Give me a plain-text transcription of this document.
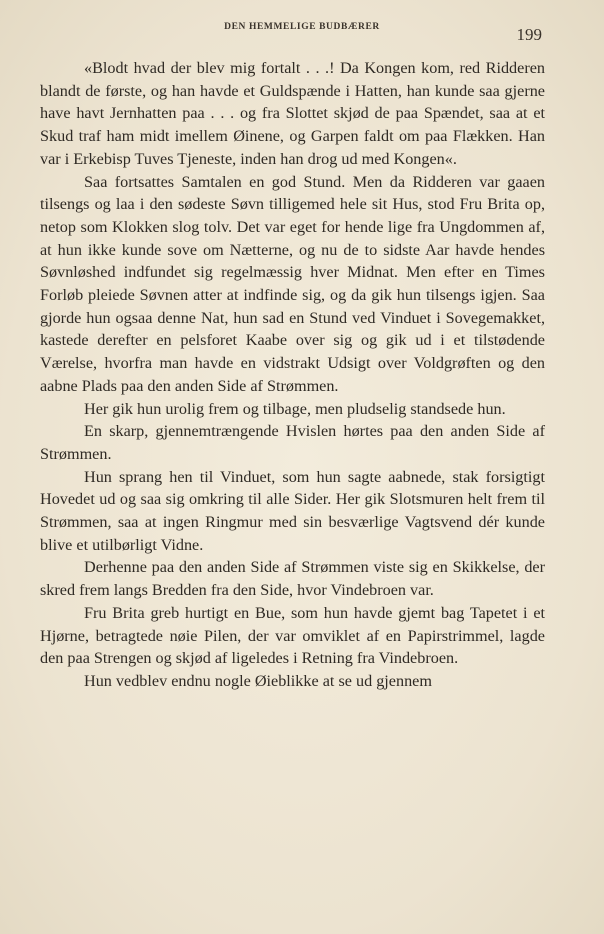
DEN HEMMELIGE BUDBÆRER	199

«Blodt hvad der blev mig fortalt . . .! Da Kongen kom, red Ridderen blandt de første, og han havde et Guldspænde i Hatten, han kunde saa gjerne have havt Jernhatten paa . . . og fra Slottet skjød de paa Spændet, saa at et Skud traf ham midt imellem Øinene, og Garpen faldt om paa Flækken. Han var i Erkebisp Tuves Tjeneste, inden han drog ud med Kongen«.

Saa fortsattes Samtalen en god Stund. Men da Ridderen var gaaen tilsengs og laa i den sødeste Søvn tilligemed hele sit Hus, stod Fru Brita op, netop som Klokken slog tolv. Det var eget for hende lige fra Ungdommen af, at hun ikke kunde sove om Nætterne, og nu de to sidste Aar havde hendes Søvnløshed indfundet sig regelmæssig hver Midnat. Men efter en Times Forløb pleiede Søvnen atter at indfinde sig, og da gik hun tilsengs igjen. Saa gjorde hun ogsaa denne Nat, hun sad en Stund ved Vinduet i Sovegemakket, kastede derefter en pelsforet Kaabe over sig og gik ud i et tilstødende Værelse, hvorfra man havde en vidstrakt Udsigt over Voldgrøften og den aabne Plads paa den anden Side af Strømmen.

Her gik hun urolig frem og tilbage, men pludselig standsede hun.

En skarp, gjennemtrængende Hvislen hørtes paa den anden Side af Strømmen.

Hun sprang hen til Vinduet, som hun sagte aabnede, stak forsigtigt Hovedet ud og saa sig omkring til alle Sider. Her gik Slotsmuren helt frem til Strømmen, saa at ingen Ringmur med sin besværlige Vagtsvend dér kunde blive et utilbørligt Vidne.

Derhenne paa den anden Side af Strømmen viste sig en Skikkelse, der skred frem langs Bredden fra den Side, hvor Vindebroen var.

Fru Brita greb hurtigt en Bue, som hun havde gjemt bag Tapetet i et Hjørne, betragtede nøie Pilen, der var omviklet af en Papirstrimmel, lagde den paa Strengen og skjød af ligeledes i Retning fra Vindebroen.

Hun vedblev endnu nogle Øieblikke at se ud gjennem
